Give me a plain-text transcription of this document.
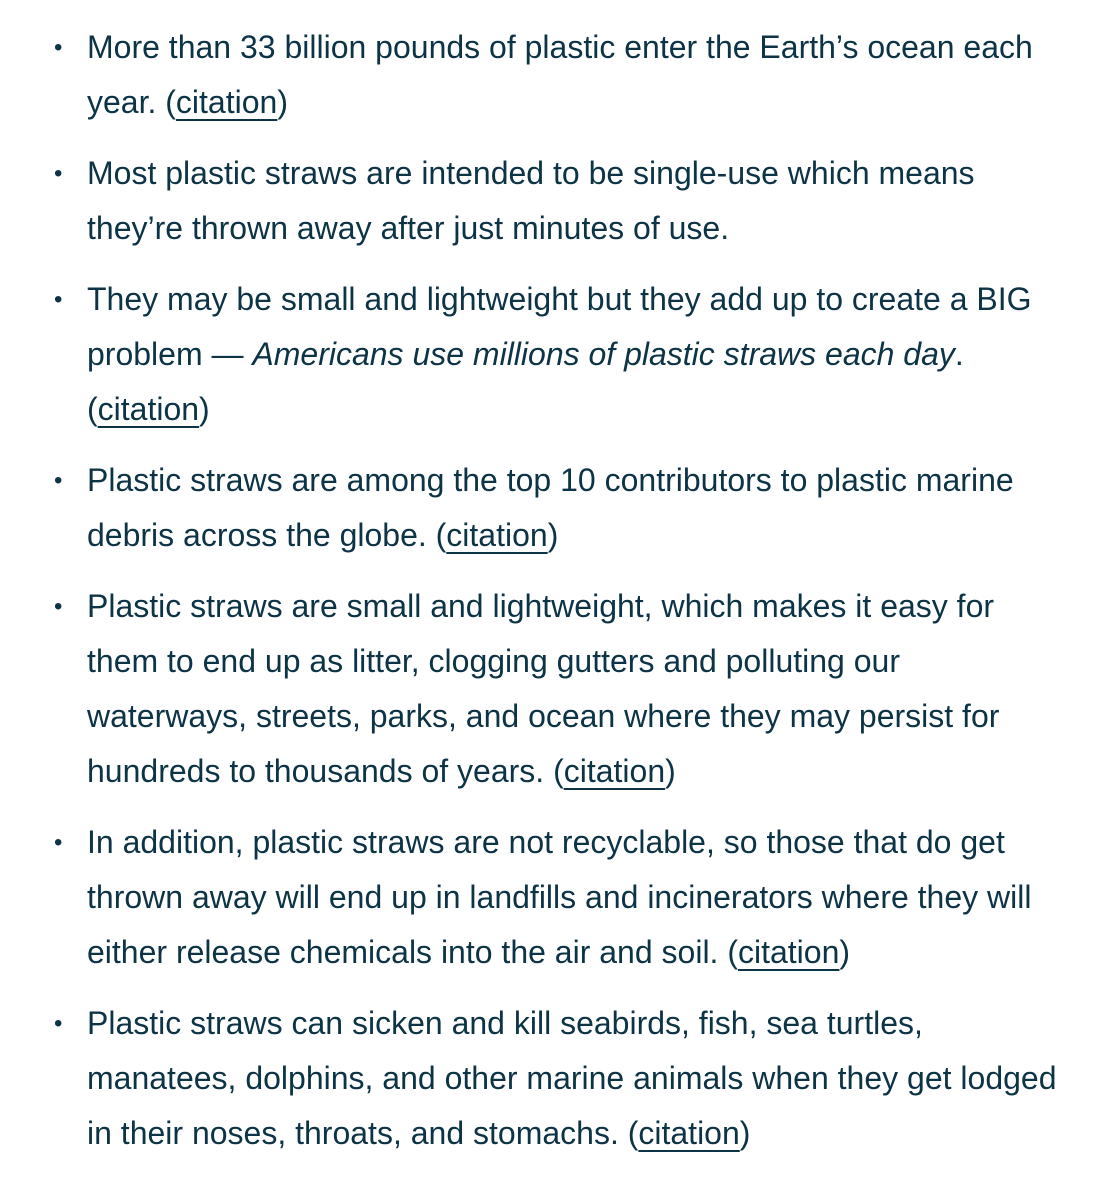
• More than 33 billion pounds of plastic enter the Earth’s ocean each year. (citation)
• Most plastic straws are intended to be single-use which means they’re thrown away after just minutes of use.
• They may be small and lightweight but they add up to create a BIG problem — Americans use millions of plastic straws each day. (citation)
• Plastic straws are among the top 10 contributors to plastic marine debris across the globe. (citation)
• Plastic straws are small and lightweight, which makes it easy for them to end up as litter, clogging gutters and polluting our waterways, streets, parks, and ocean where they may persist for hundreds to thousands of years. (citation)
• In addition, plastic straws are not recyclable, so those that do get thrown away will end up in landfills and incinerators where they will either release chemicals into the air and soil. (citation)
• Plastic straws can sicken and kill seabirds, fish, sea turtles, manatees, dolphins, and other marine animals when they get lodged in their noses, throats, and stomachs. (citation)
